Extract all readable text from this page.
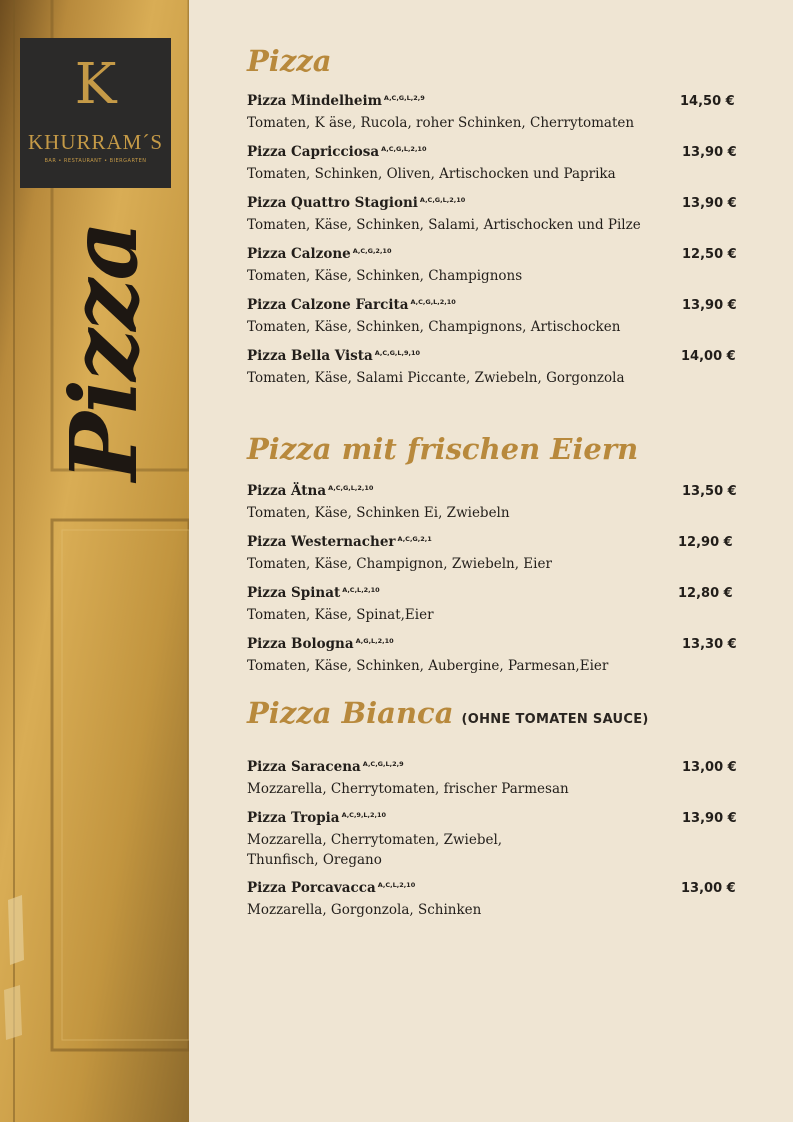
K
KHURRAM´S
BAR • RESTAURANT • BIERGARTEN
Pizza
Pizza
Pizza Mindelheim $^{A,C,G,L,2,9}$	14,50 €
Tomaten, K äse, Rucola, roher Schinken, Cherrytomaten
Pizza Capricciosa $^{A,C,G,L,2,10}$	13,90 €
Tomaten, Schinken, Oliven, Artischocken und Paprika
Pizza Quattro Stagioni $^{A,C,G,L,2,10}$	13,90 €
Tomaten, Käse, Schinken, Salami, Artischocken und Pilze
Pizza Calzone $^{A,C,G,2,10}$	12,50 €
Tomaten, Käse, Schinken, Champignons
Pizza Calzone Farcita $^{A,C,G,L,2,10}$	13,90 €
Tomaten, Käse, Schinken, Champignons, Artischocken
Pizza Bella Vista $^{A,C,G,L,9,10}$	14,00 €
Tomaten, Käse, Salami Piccante, Zwiebeln, Gorgonzola
Pizza mit frischen Eiern
Pizza Ätna $^{A,C,G,L,2,10}$	13,50 €
Tomaten, Käse, Schinken Ei, Zwiebeln
Pizza Westernacher $^{A,C,G,2,1}$	12,90 €
Tomaten, Käse, Champignon, Zwiebeln, Eier
Pizza Spinat $^{A,C,L,2,10}$	12,80 €
Tomaten, Käse, Spinat,Eier
Pizza Bologna $^{A,G,L,2,10}$	13,30 €
Tomaten, Käse, Schinken, Aubergine, Parmesan,Eier
Pizza Bianca (OHNE TOMATEN SAUCE)
Pizza Saracena $^{A,C,G,L,2,9}$	13,00 €
Mozzarella, Cherrytomaten, frischer Parmesan
Pizza Tropia $^{A,C,9,L,2,10}$	13,90 €
Mozzarella, Cherrytomaten, Zwiebel,
Thunfisch, Oregano
Pizza Porcavacca $^{A,C,L,2,10}$	13,00 €
Mozzarella, Gorgonzola, Schinken
